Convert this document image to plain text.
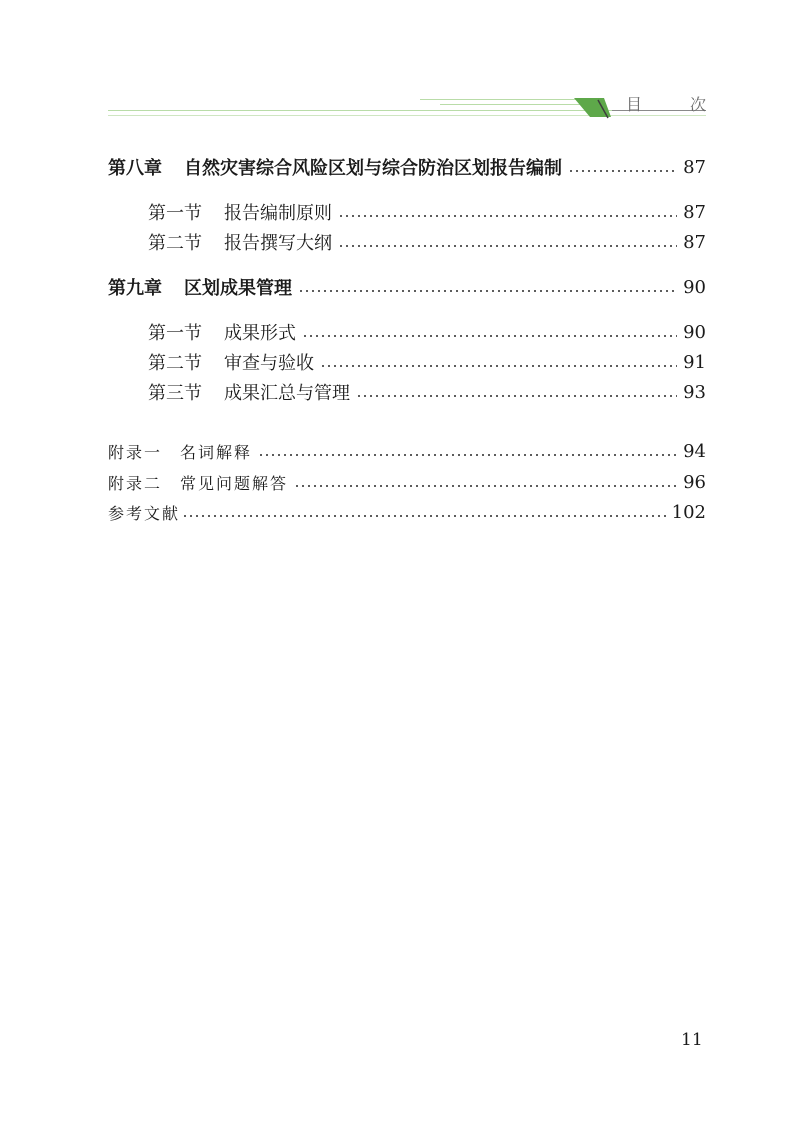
目	次
第八章 自然灾害综合风险区划与综合防治区划报告编制	87
第一节 报告编制原则	87
第二节 报告撰写大纲	87
第九章 区划成果管理	90
第一节 成果形式	90
第二节 审查与验收	91
第三节 成果汇总与管理	93
附录一 名词解释	94
附录二 常见问题解答	96
参考文献	102
11
